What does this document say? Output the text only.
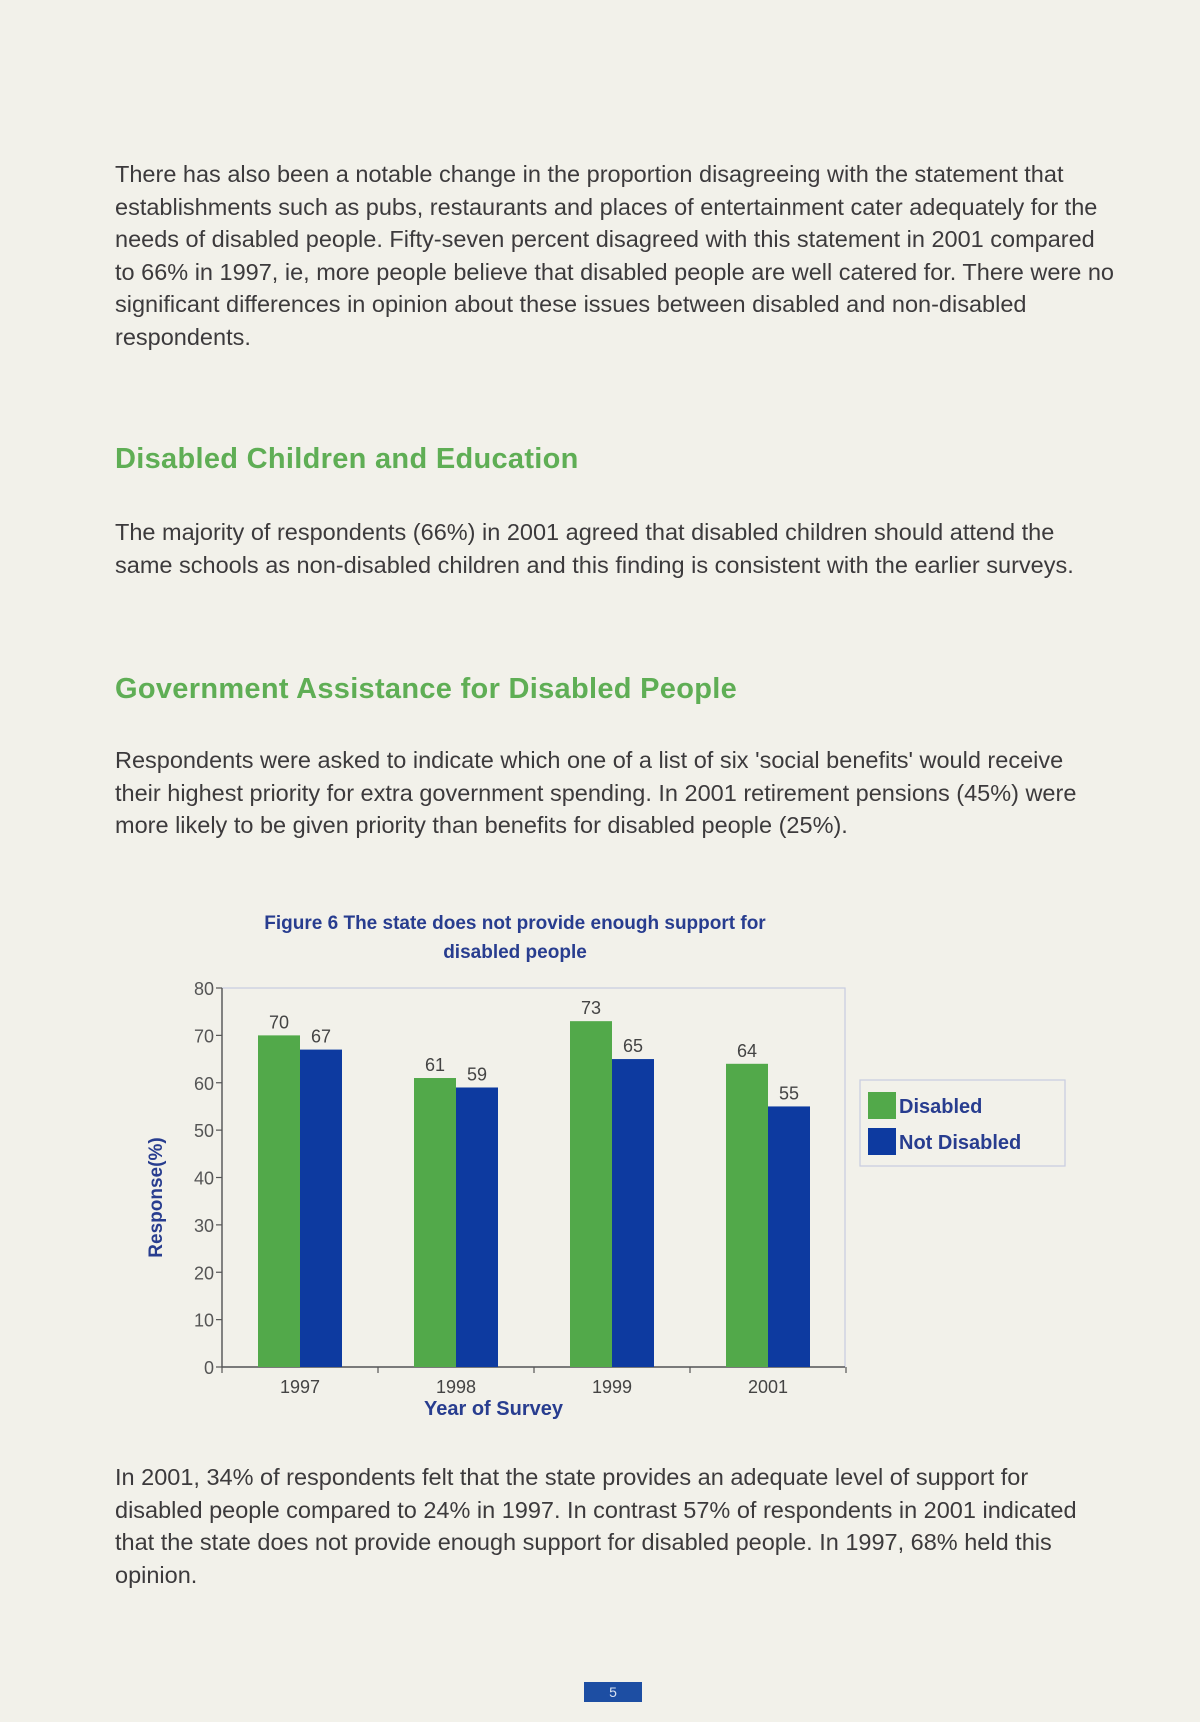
There has also been a notable change in the proportion disagreeing with the statement that establishments such as pubs, restaurants and places of entertainment cater adequately for the needs of disabled people. Fifty-seven percent disagreed with this statement in 2001 compared to 66% in 1997, ie, more people believe that disabled people are well catered for. There were no significant differences in opinion about these issues between disabled and non-disabled respondents.

Disabled Children and Education

The majority of respondents (66%) in 2001 agreed that disabled children should attend the same schools as non-disabled children and this finding is consistent with the earlier surveys.

Government Assistance for Disabled People

Respondents were asked to indicate which one of a list of six 'social benefits' would receive their highest priority for extra government spending. In 2001 retirement pensions (45%) were more likely to be given priority than benefits for disabled people (25%).

Figure 6 The state does not provide enough support for
disabled people
0
10
20
30
40
50
60
70
80
70
67
1997
61 59
1998
73
65
1999
64
55
2001
Year of Survey
Response(%)
Disabled
Not Disabled

In 2001, 34% of respondents felt that the state provides an adequate level of support for disabled people compared to 24% in 1997. In contrast 57% of respondents in 2001 indicated that the state does not provide enough support for disabled people. In 1997, 68% held this opinion.

5
